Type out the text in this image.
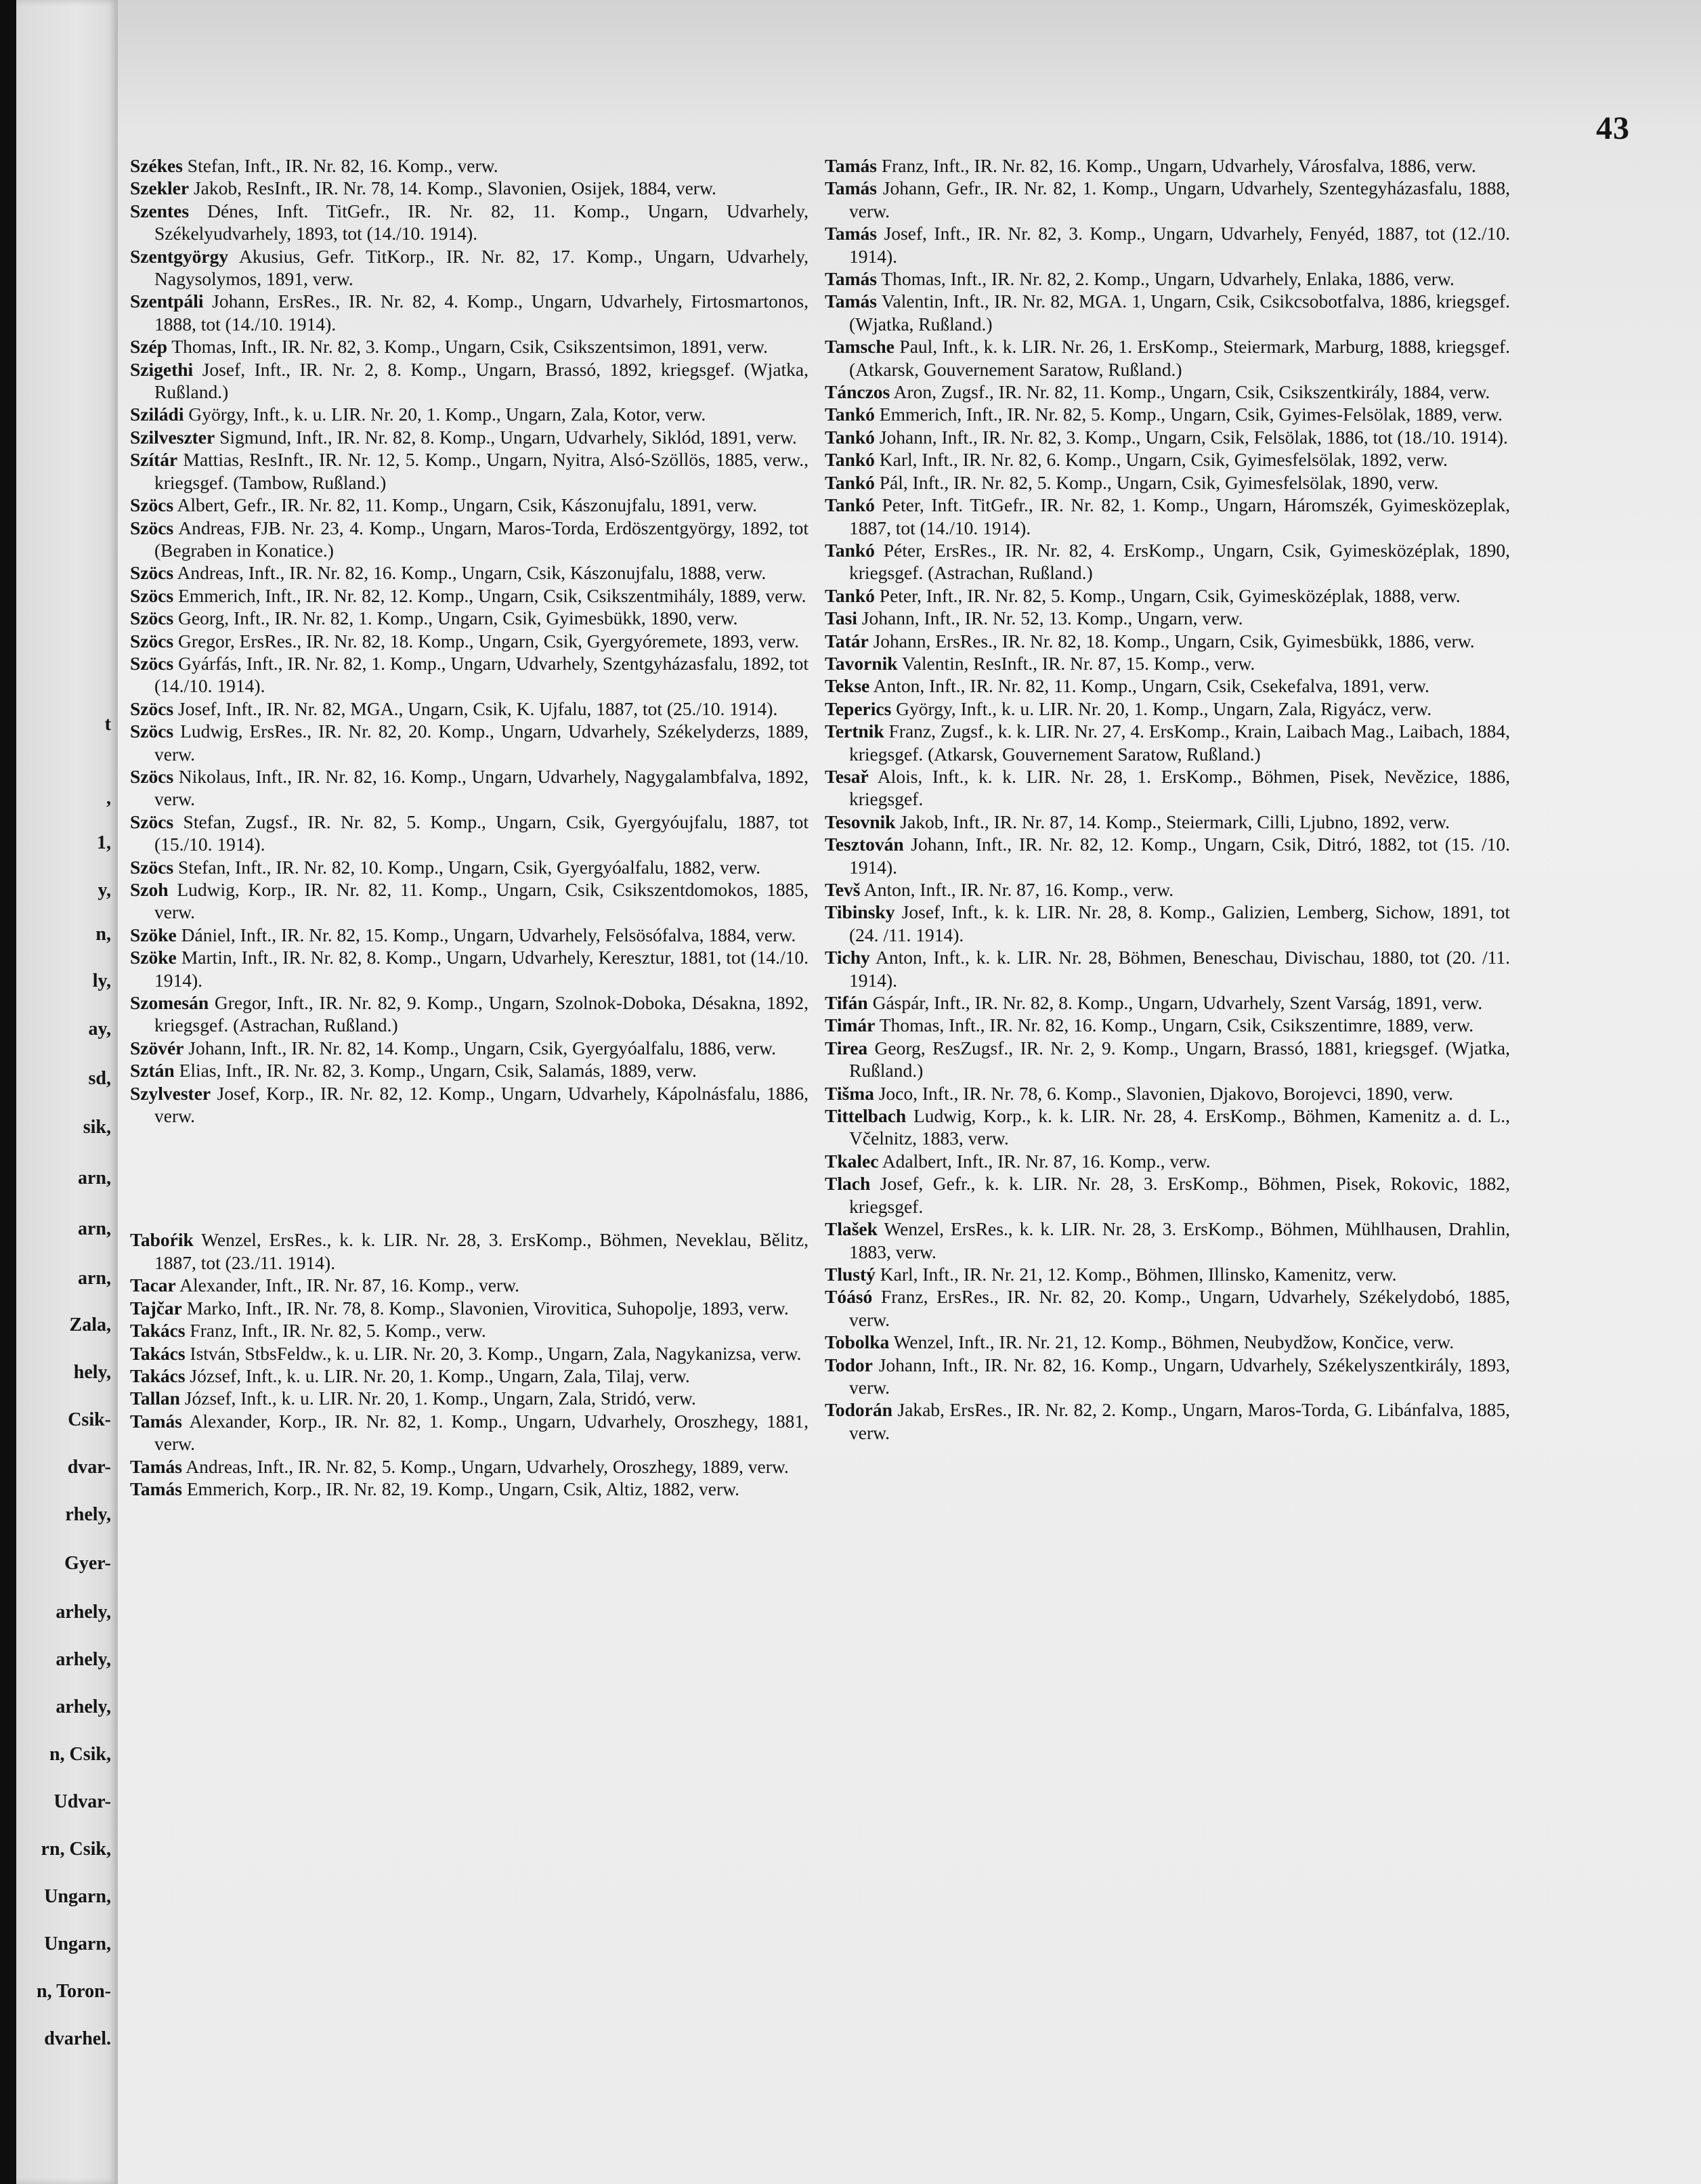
43

Székes Stefan, Inft., IR. Nr. 82, 16. Komp., verw.

Szekler Jakob, ResInft., IR. Nr. 78, 14. Komp., Slavonien, Osijek, 1884, verw.

Szentes Dénes, Inft. TitGefr., IR. Nr. 82, 11. Komp., Ungarn, Udvarhely, Székelyudvarhely, 1893, tot (14./10. 1914).

Szentgyörgy Akusius, Gefr. TitKorp., IR. Nr. 82, 17. Komp., Ungarn, Udvarhely, Nagysolymos, 1891, verw.

Szentpáli Johann, ErsRes., IR. Nr. 82, 4. Komp., Ungarn, Udvarhely, Firtosmartonos, 1888, tot (14./10. 1914).

Szép Thomas, Inft., IR. Nr. 82, 3. Komp., Ungarn, Csik, Csikszentsimon, 1891, verw.

Szigethi Josef, Inft., IR. Nr. 2, 8. Komp., Ungarn, Brassó, 1892, kriegsgef. (Wjatka, Rußland.)

Sziládi György, Inft., k. u. LIR. Nr. 20, 1. Komp., Ungarn, Zala, Kotor, verw.

Szilveszter Sigmund, Inft., IR. Nr. 82, 8. Komp., Ungarn, Udvarhely, Siklód, 1891, verw.

Szítár Mattias, ResInft., IR. Nr. 12, 5. Komp., Ungarn, Nyitra, Alsó-Szöllös, 1885, verw., kriegsgef. (Tambow, Rußland.)

Szöcs Albert, Gefr., IR. Nr. 82, 11. Komp., Ungarn, Csik, Kászonujfalu, 1891, verw.

Szöcs Andreas, FJB. Nr. 23, 4. Komp., Ungarn, Maros-Torda, Erdöszentgyörgy, 1892, tot (Begraben in Konatice.)

Szöcs Andreas, Inft., IR. Nr. 82, 16. Komp., Ungarn, Csik, Kászonujfalu, 1888, verw.

Szöcs Emmerich, Inft., IR. Nr. 82, 12. Komp., Ungarn, Csik, Csikszentmihály, 1889, verw.

Szöcs Georg, Inft., IR. Nr. 82, 1. Komp., Ungarn, Csik, Gyimesbükk, 1890, verw.

Szöcs Gregor, ErsRes., IR. Nr. 82, 18. Komp., Ungarn, Csik, Gyergyóremete, 1893, verw.

Szöcs Gyárfás, Inft., IR. Nr. 82, 1. Komp., Ungarn, Udvarhely, Szentgyházasfalu, 1892, tot (14./10. 1914).

Szöcs Josef, Inft., IR. Nr. 82, MGA., Ungarn, Csik, K. Ujfalu, 1887, tot (25./10. 1914).

Szöcs Ludwig, ErsRes., IR. Nr. 82, 20. Komp., Ungarn, Udvarhely, Székelyderzs, 1889, verw.

Szöcs Nikolaus, Inft., IR. Nr. 82, 16. Komp., Ungarn, Udvarhely, Nagygalambfalva, 1892, verw.

Szöcs Stefan, Zugsf., IR. Nr. 82, 5. Komp., Ungarn, Csik, Gyergyóujfalu, 1887, tot (15./10. 1914).

Szöcs Stefan, Inft., IR. Nr. 82, 10. Komp., Ungarn, Csik, Gyergyóalfalu, 1882, verw.

Szoh Ludwig, Korp., IR. Nr. 82, 11. Komp., Ungarn, Csik, Csikszentdomokos, 1885, verw.

Szöke Dániel, Inft., IR. Nr. 82, 15. Komp., Ungarn, Udvarhely, Felsösófalva, 1884, verw.

Szöke Martin, Inft., IR. Nr. 82, 8. Komp., Ungarn, Udvarhely, Keresztur, 1881, tot (14./10. 1914).

Szomesán Gregor, Inft., IR. Nr. 82, 9. Komp., Ungarn, Szolnok-Doboka, Désakna, 1892, kriegsgef. (Astrachan, Rußland.)

Szövér Johann, Inft., IR. Nr. 82, 14. Komp., Ungarn, Csik, Gyergyóalfalu, 1886, verw.

Sztán Elias, Inft., IR. Nr. 82, 3. Komp., Ungarn, Csik, Salamás, 1889, verw.

Szylvester Josef, Korp., IR. Nr. 82, 12. Komp., Ungarn, Udvarhely, Kápolnásfalu, 1886, verw.

Taboŕik Wenzel, ErsRes., k. k. LIR. Nr. 28, 3. ErsKomp., Böhmen, Neveklau, Bělitz, 1887, tot (23./11. 1914).

Tacar Alexander, Inft., IR. Nr. 87, 16. Komp., verw.

Tajčar Marko, Inft., IR. Nr. 78, 8. Komp., Slavonien, Virovitica, Suhopolje, 1893, verw.

Takács Franz, Inft., IR. Nr. 82, 5. Komp., verw.

Takács István, StbsFeldw., k. u. LIR. Nr. 20, 3. Komp., Ungarn, Zala, Nagykanizsa, verw.

Takács József, Inft., k. u. LIR. Nr. 20, 1. Komp., Ungarn, Zala, Tilaj, verw.

Tallan József, Inft., k. u. LIR. Nr. 20, 1. Komp., Ungarn, Zala, Stridó, verw.

Tamás Alexander, Korp., IR. Nr. 82, 1. Komp., Ungarn, Udvarhely, Oroszhegy, 1881, verw.

Tamás Andreas, Inft., IR. Nr. 82, 5. Komp., Ungarn, Udvarhely, Oroszhegy, 1889, verw.

Tamás Emmerich, Korp., IR. Nr. 82, 19. Komp., Ungarn, Csik, Altiz, 1882, verw.

Tamás Franz, Inft., IR. Nr. 82, 16. Komp., Ungarn, Udvarhely, Városfalva, 1886, verw.

Tamás Johann, Gefr., IR. Nr. 82, 1. Komp., Ungarn, Udvarhely, Szentegyházasfalu, 1888, verw.

Tamás Josef, Inft., IR. Nr. 82, 3. Komp., Ungarn, Udvarhely, Fenyéd, 1887, tot (12./10. 1914).

Tamás Thomas, Inft., IR. Nr. 82, 2. Komp., Ungarn, Udvarhely, Enlaka, 1886, verw.

Tamás Valentin, Inft., IR. Nr. 82, MGA. 1, Ungarn, Csik, Csikcsobotfalva, 1886, kriegsgef. (Wjatka, Rußland.)

Tamsche Paul, Inft., k. k. LIR. Nr. 26, 1. ErsKomp., Steiermark, Marburg, 1888, kriegsgef. (Atkarsk, Gouvernement Saratow, Rußland.)

Tánczos Aron, Zugsf., IR. Nr. 82, 11. Komp., Ungarn, Csik, Csikszentkirály, 1884, verw.

Tankó Emmerich, Inft., IR. Nr. 82, 5. Komp., Ungarn, Csik, Gyimes-Felsölak, 1889, verw.

Tankó Johann, Inft., IR. Nr. 82, 3. Komp., Ungarn, Csik, Felsölak, 1886, tot (18./10. 1914).

Tankó Karl, Inft., IR. Nr. 82, 6. Komp., Ungarn, Csik, Gyimesfelsölak, 1892, verw.

Tankó Pál, Inft., IR. Nr. 82, 5. Komp., Ungarn, Csik, Gyimesfelsölak, 1890, verw.

Tankó Peter, Inft. TitGefr., IR. Nr. 82, 1. Komp., Ungarn, Háromszék, Gyimesközeplak, 1887, tot (14./10. 1914).

Tankó Péter, ErsRes., IR. Nr. 82, 4. ErsKomp., Ungarn, Csik, Gyimesközéplak, 1890, kriegsgef. (Astrachan, Rußland.)

Tankó Peter, Inft., IR. Nr. 82, 5. Komp., Ungarn, Csik, Gyimesközéplak, 1888, verw.

Tasi Johann, Inft., IR. Nr. 52, 13. Komp., Ungarn, verw.

Tatár Johann, ErsRes., IR. Nr. 82, 18. Komp., Ungarn, Csik, Gyimesbükk, 1886, verw.

Tavornik Valentin, ResInft., IR. Nr. 87, 15. Komp., verw.

Tekse Anton, Inft., IR. Nr. 82, 11. Komp., Ungarn, Csik, Csekefalva, 1891, verw.

Teperics György, Inft., k. u. LIR. Nr. 20, 1. Komp., Ungarn, Zala, Rigyácz, verw.

Tertnik Franz, Zugsf., k. k. LIR. Nr. 27, 4. ErsKomp., Krain, Laibach Mag., Laibach, 1884, kriegsgef. (Atkarsk, Gouvernement Saratow, Rußland.)

Tesař Alois, Inft., k. k. LIR. Nr. 28, 1. ErsKomp., Böhmen, Pisek, Nevězice, 1886, kriegsgef.

Tesovnik Jakob, Inft., IR. Nr. 87, 14. Komp., Steiermark, Cilli, Ljubno, 1892, verw.

Tesztován Johann, Inft., IR. Nr. 82, 12. Komp., Ungarn, Csik, Ditró, 1882, tot (15. /10. 1914).

Tevš Anton, Inft., IR. Nr. 87, 16. Komp., verw.

Tibinsky Josef, Inft., k. k. LIR. Nr. 28, 8. Komp., Galizien, Lemberg, Sichow, 1891, tot (24. /11. 1914).

Tichy Anton, Inft., k. k. LIR. Nr. 28, Böhmen, Beneschau, Divischau, 1880, tot (20. /11. 1914).

Tifán Gáspár, Inft., IR. Nr. 82, 8. Komp., Ungarn, Udvarhely, Szent Varság, 1891, verw.

Timár Thomas, Inft., IR. Nr. 82, 16. Komp., Ungarn, Csik, Csikszentimre, 1889, verw.

Tirea Georg, ResZugsf., IR. Nr. 2, 9. Komp., Ungarn, Brassó, 1881, kriegsgef. (Wjatka, Rußland.)

Tišma Joco, Inft., IR. Nr. 78, 6. Komp., Slavonien, Djakovo, Borojevci, 1890, verw.

Tittelbach Ludwig, Korp., k. k. LIR. Nr. 28, 4. ErsKomp., Böhmen, Kamenitz a. d. L., Včelnitz, 1883, verw.

Tkalec Adalbert, Inft., IR. Nr. 87, 16. Komp., verw.

Tlach Josef, Gefr., k. k. LIR. Nr. 28, 3. ErsKomp., Böhmen, Pisek, Rokovic, 1882, kriegsgef.

Tlašek Wenzel, ErsRes., k. k. LIR. Nr. 28, 3. ErsKomp., Böhmen, Mühlhausen, Drahlin, 1883, verw.

Tlustý Karl, Inft., IR. Nr. 21, 12. Komp., Böhmen, Illinsko, Kamenitz, verw.

Tóásó Franz, ErsRes., IR. Nr. 82, 20. Komp., Ungarn, Udvarhely, Székelydobó, 1885, verw.

Tobolka Wenzel, Inft., IR. Nr. 21, 12. Komp., Böhmen, Neubydžow, Končice, verw.

Todor Johann, Inft., IR. Nr. 82, 16. Komp., Ungarn, Udvarhely, Székelyszentkirály, 1893, verw.

Todorán Jakab, ErsRes., IR. Nr. 82, 2. Komp., Ungarn, Maros-Torda, G. Libánfalva, 1885, verw.

t
,
1,
y,
n,
ly,
ay,
sd,
sik,
arn,
arn,
arn,
Zala,
hely,
Csik-
dvar-
rhely,
Gyer-
arhely,
arhely,
arhely,
n, Csik,
Udvar-
rn, Csik,
Ungarn,
Ungarn,
n, Toron-
dvarhel.
